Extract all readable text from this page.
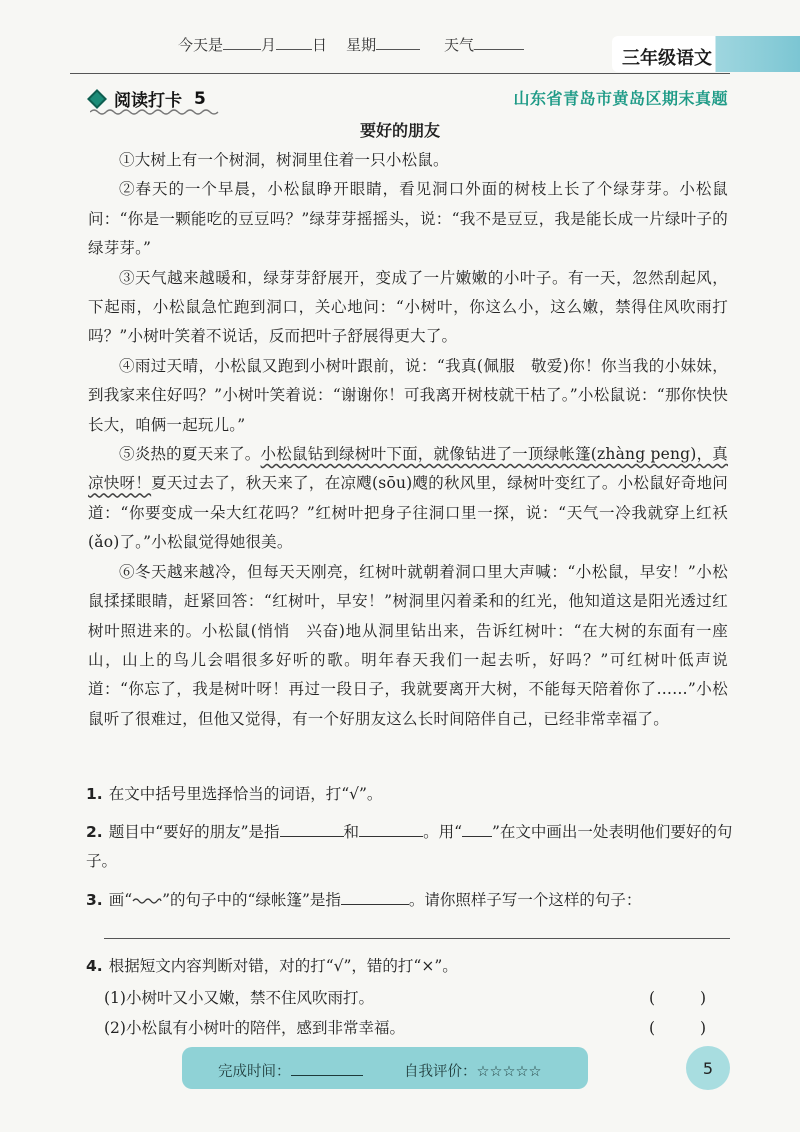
今天是	月 日 星期	天气
三年级语文
阅读打卡 5	山东省青岛市黄岛区期末真题
要好的朋友

①大树上有一个树洞，树洞里住着一只小松鼠。

②春天的一个早晨，小松鼠睁开眼睛，看见洞口外面的树枝上长了个绿芽芽。小松鼠问：“你是一颗能吃的豆豆吗？”绿芽芽摇摇头，说：“我不是豆豆，我是能长成一片绿叶子的绿芽芽。”

③天气越来越暖和，绿芽芽舒展开，变成了一片嫩嫩的小叶子。有一天，忽然刮起风，下起雨，小松鼠急忙跑到洞口，关心地问：“小树叶，你这么小，这么嫩，禁得住风吹雨打吗？”小树叶笑着不说话，反而把叶子舒展得更大了。

④雨过天晴，小松鼠又跑到小树叶跟前，说：“我真(佩服　敬爱)你！你当我的小妹妹，到我家来住好吗？”小树叶笑着说：“谢谢你！可我离开树枝就干枯了。”小松鼠说：“那你快快长大，咱俩一起玩儿。”

⑤炎热的夏天来了。小松鼠钻到绿树叶下面，就像钻进了一顶绿帐篷(zhàng peng)，真凉快呀！夏天过去了，秋天来了，在凉飕(sōu)飕的秋风里，绿树叶变红了。小松鼠好奇地问道：“你要变成一朵大红花吗？”红树叶把身子往洞口里一探，说：“天气一冷我就穿上红袄(ǎo)了。”小松鼠觉得她很美。

⑥冬天越来越冷，但每天天刚亮，红树叶就朝着洞口里大声喊：“小松鼠，早安！”小松鼠揉揉眼睛，赶紧回答：“红树叶，早安！”树洞里闪着柔和的红光，他知道这是阳光透过红树叶照进来的。小松鼠(悄悄　兴奋)地从洞里钻出来，告诉红树叶：“在大树的东面有一座山，山上的鸟儿会唱很多好听的歌。明年春天我们一起去听，好吗？”可红树叶低声说道：“你忘了，我是树叶呀！再过一段日子，我就要离开大树，不能每天陪着你了……”小松鼠听了很难过，但他又觉得，有一个好朋友这么长时间陪伴自己，已经非常幸福了。

1. 在文中括号里选择恰当的词语，打“√”。
2. 题目中“要好的朋友”是指	和	。用“ ”在文中画出一处表明他们要好的句子。
3. 画“ ”的句子中的“绿帐篷”是指	。请你照样子写一个这样的句子：
4. 根据短文内容判断对错，对的打“√”，错的打“×”。
(1)小树叶又小又嫩，禁不住风吹雨打。	( )
(2)小松鼠有小树叶的陪伴，感到非常幸福。	( )
完成时间：	自我评价：☆☆☆☆☆	5
